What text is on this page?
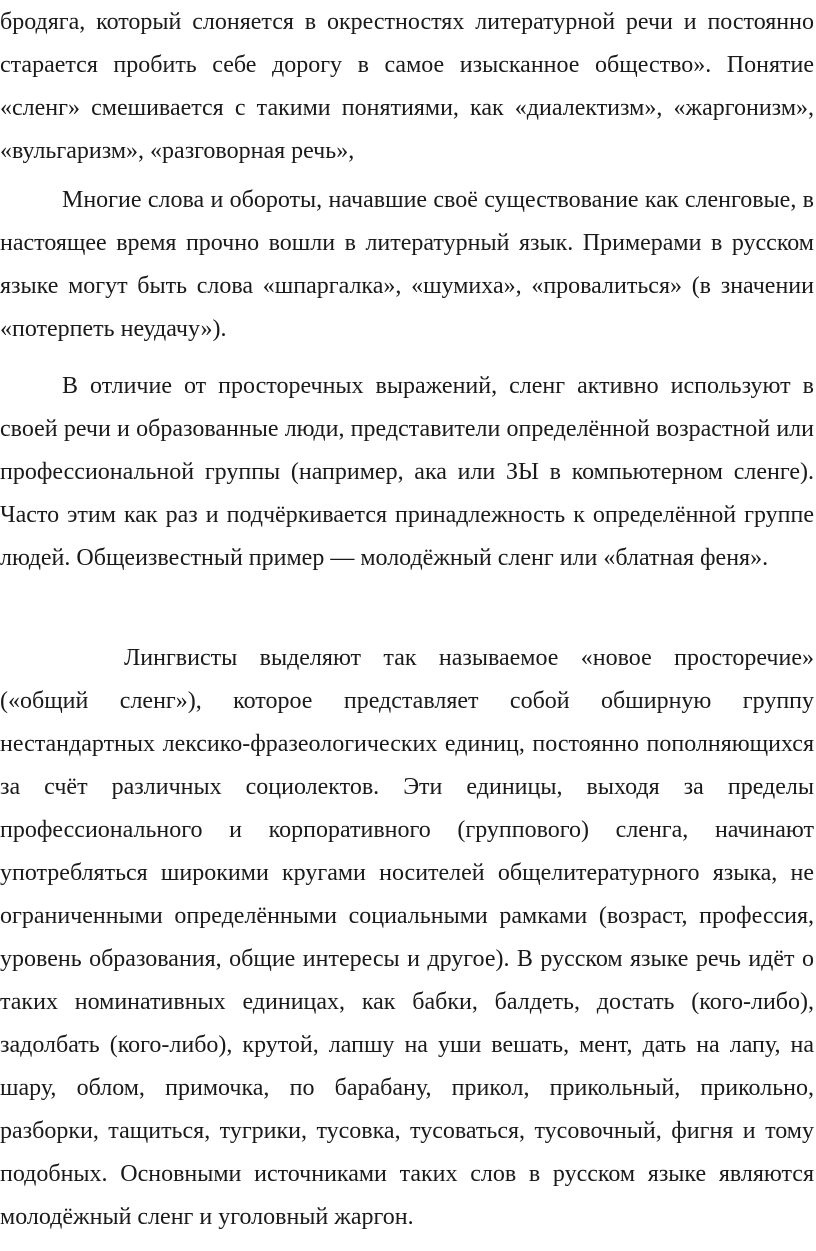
бродяга, который слоняется в окрестностях литературной речи и постоянно старается пробить себе дорогу в самое изысканное общество». Понятие «сленг» смешивается с такими понятиями, как «диалектизм», «жаргонизм», «вульгаризм», «разговорная речь»,

Многие слова и обороты, начавшие своё существование как сленговые, в настоящее время прочно вошли в литературный язык. Примерами в русском языке могут быть слова «шпаргалка», «шумиха», «провалиться» (в значении «потерпеть неудачу»).

В отличие от просторечных выражений, сленг активно используют в своей речи и образованные люди, представители определённой возрастной или профессиональной группы (например, ака или ЗЫ в компьютерном сленге). Часто этим как раз и подчёркивается принадлежность к определённой группе людей. Общеизвестный пример — молодёжный сленг или «блатная феня».

Лингвисты выделяют так называемое «новое просторечие» («общий сленг»), которое представляет собой обширную группу нестандартных лексико-фразеологических единиц, постоянно пополняющихся за счёт различных социолектов. Эти единицы, выходя за пределы профессионального и корпоративного (группового) сленга, начинают употребляться широкими кругами носителей общелитературного языка, не ограниченными определёнными социальными рамками (возраст, профессия, уровень образования, общие интересы и другое). В русском языке речь идёт о таких номинативных единицах, как бабки, балдеть, достать (кого-либо), задолбать (кого-либо), крутой, лапшу на уши вешать, мент, дать на лапу, на шару, облом, примочка, по барабану, прикол, прикольный, прикольно, разборки, тащиться, тугрики, тусовка, тусоваться, тусовочный, фигня и тому подобных. Основными источниками таких слов в русском языке являются молодёжный сленг и уголовный жаргон.
